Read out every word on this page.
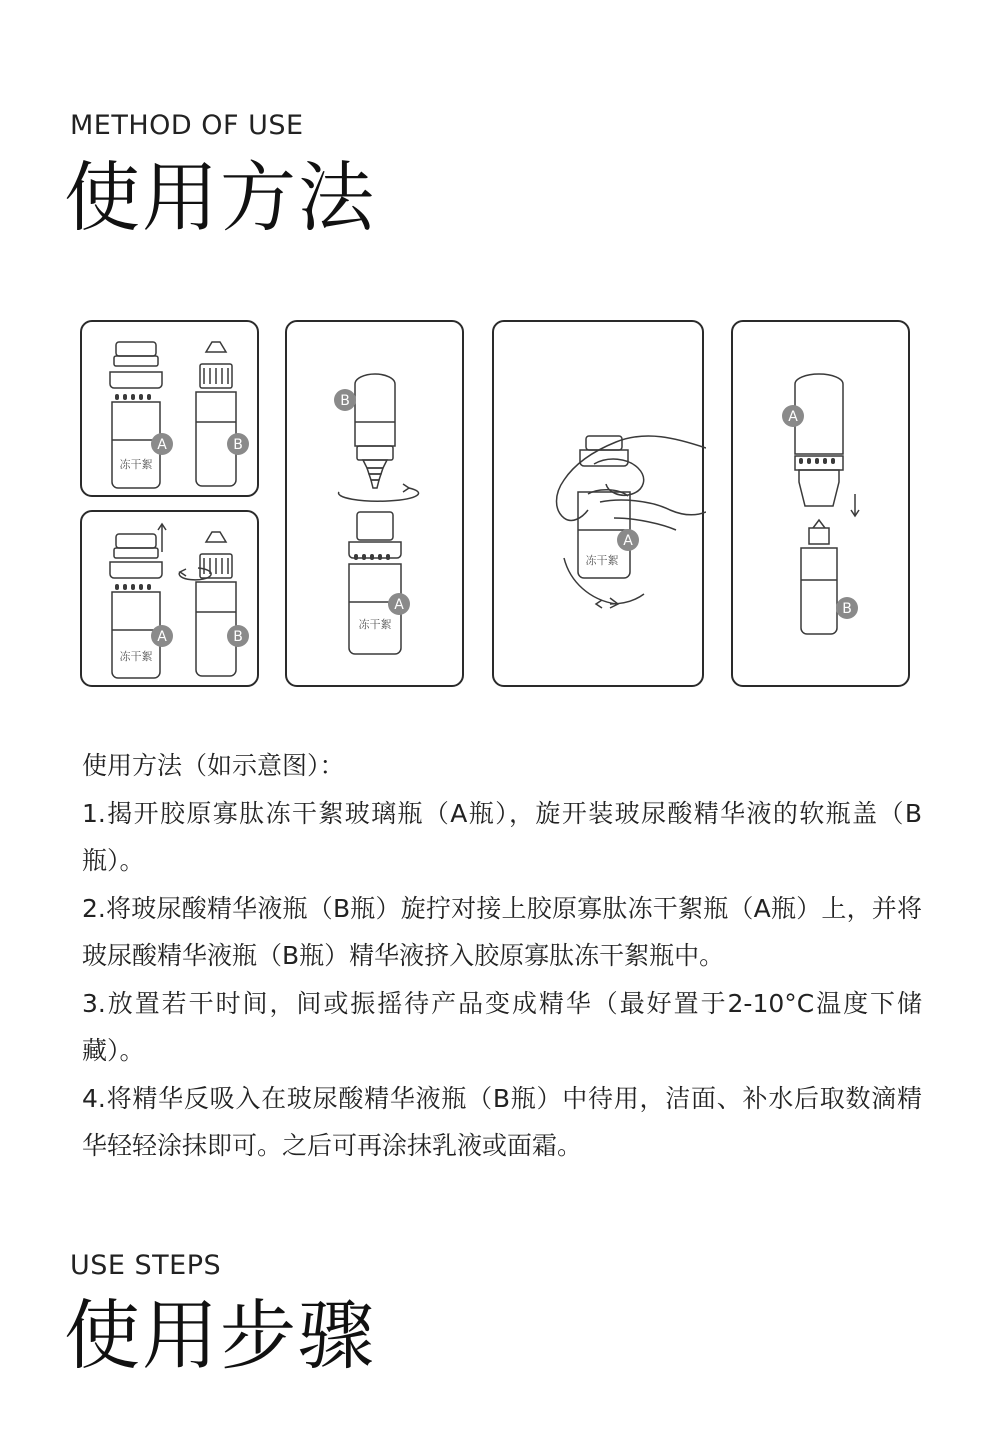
METHOD OF USE
使用方法
A	B
冻干絮
A	B
冻干絮
B
A
冻干絮
A
冻干絮
A
B

使用方法（如示意图）：

1.揭开胶原寡肽冻干絮玻璃瓶（A瓶），旋开装玻尿酸精华液的软瓶盖（B瓶）。

2.将玻尿酸精华液瓶（B瓶）旋拧对接上胶原寡肽冻干絮瓶（A瓶）上，并将玻尿酸精华液瓶（B瓶）精华液挤入胶原寡肽冻干絮瓶中。

3.放置若干时间，间或振摇待产品变成精华（最好置于2-10°C温度下储藏）。

4.将精华反吸入在玻尿酸精华液瓶（B瓶）中待用，洁面、补水后取数滴精华轻轻涂抹即可。之后可再涂抹乳液或面霜。

USE STEPS
使用步骤
